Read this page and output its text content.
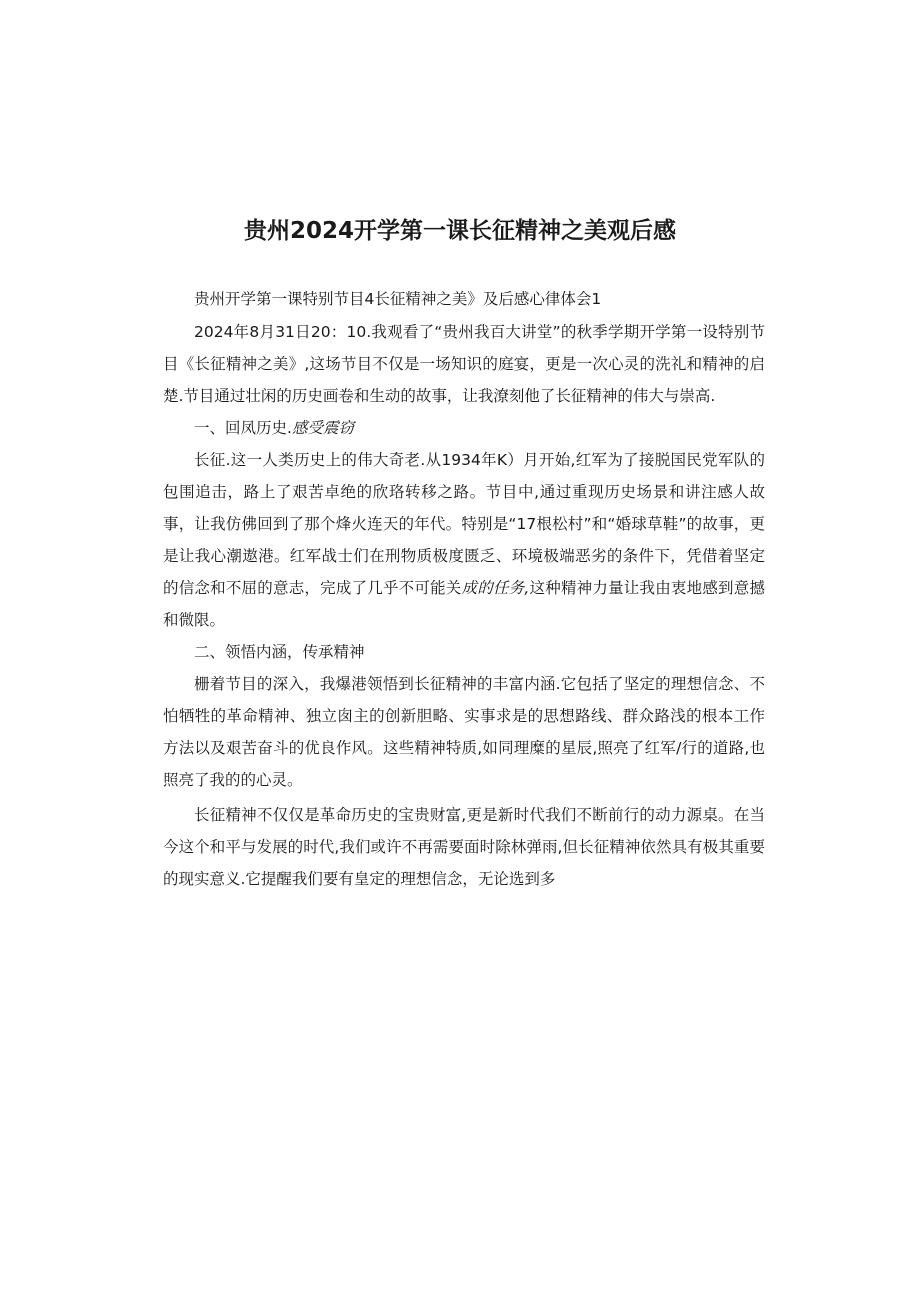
贵州2024开学第一课长征精神之美观后感

贵州开学第一课特别节目4长征精神之美》及后感心律体会1

2024年8月31日20：10.我观看了“贵州我百大讲堂”的秋季学期开学第一设特别节目《长征精神之美》,这场节目不仅是一场知识的庭宴，更是一次心灵的洗礼和精神的启楚.节目通过壮闲的历史画卷和生动的故事，让我潦刻他了长征精神的伟大与崇高.

一、回凤历史.感受震窃

长征.这一人类历史上的伟大奇老.从1934年K）月开始,红军为了接脱国民党军队的包围追击，路上了艰苦卓绝的欣珞转移之路。节目中,通过重现历史场景和讲注感人故事，让我仿佛回到了那个烽火连天的年代。特别是“17根松村”和“婚球草鞋”的故事，更是让我心潮遨港。红军战士们在刑物质极度匮乏、环境极端恶劣的条件下，凭借着坚定的信念和不屈的意志，完成了几乎不可能关成的任务,这种精神力量让我由衷地感到意撼和微限。

二、领悟内涵，传承精神

栅着节目的深入，我爆港领悟到长征精神的丰富内涵.它包括了坚定的理想信念、不怕牺牲的革命精神、独立囱主的创新胆略、实事求是的思想路线、群众路浅的根本工作方法以及艰苦奋斗的优良作风。这些精神特质,如同理糜的星辰,照亮了红军/行的道路,也照亮了我的的心灵。

长征精神不仅仅是革命历史的宝贵财富,更是新时代我们不断前行的动力源桌。在当今这个和平与发展的时代,我们或许不再需要面时除林弹雨,但长征精神依然具有极其重要的现实意义.它提醒我们要有皇定的理想信念，无论选到多
